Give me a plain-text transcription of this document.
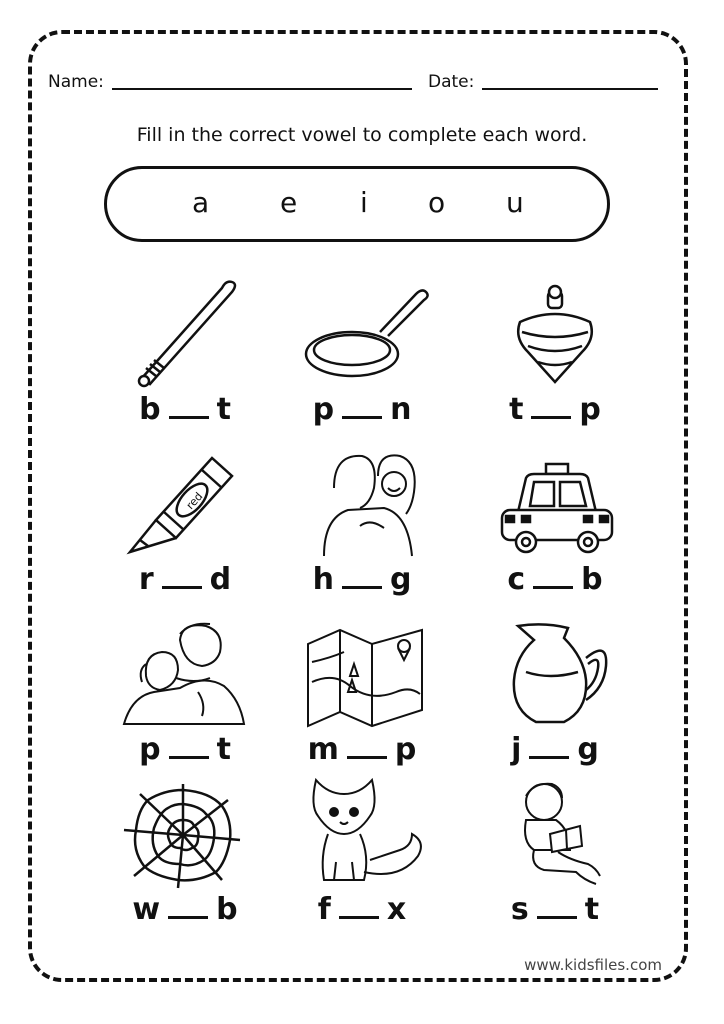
Name:	Date:
Fill in the correct vowel to complete each word.
a	e i o u
b t	p n	t p
red
r d	h g	c b
p t	m p	j g
w b	f x	s t
www.kidsfiles.com
